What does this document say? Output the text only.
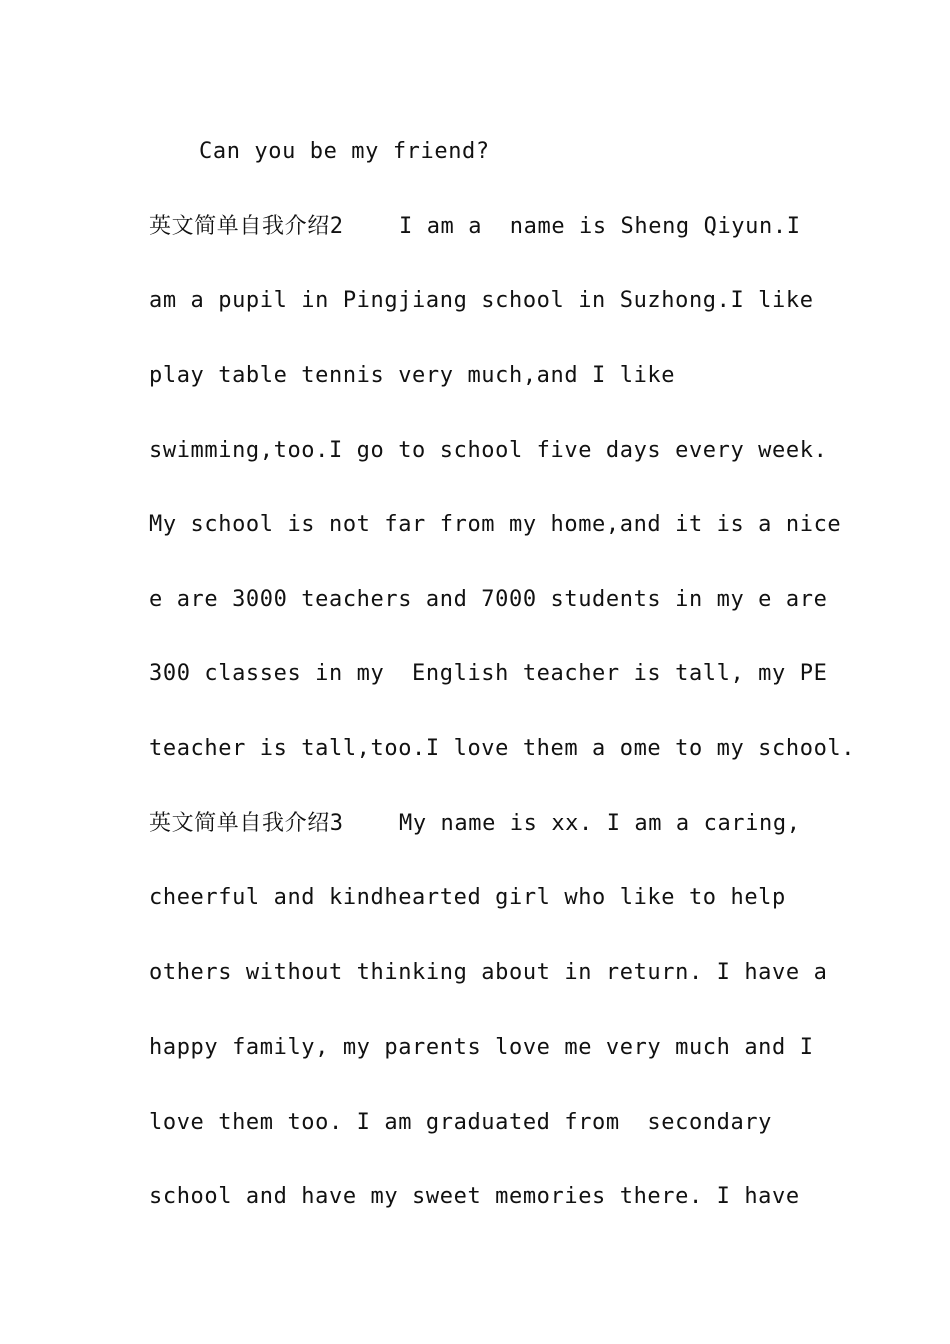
Can you be my friend?
英文简单自我介绍2    I am a  name is Sheng Qiyun.I
am a pupil in Pingjiang school in Suzhong.I like
play table tennis very much,and I like
swimming,too.I go to school five days every week.
My school is not far from my home,and it is a nice
e are 3000 teachers and 7000 students in my e are
300 classes in my  English teacher is tall, my PE
teacher is tall,too.I love them a ome to my school.
英文简单自我介绍3    My name is xx. I am a caring,
cheerful and kindhearted girl who like to help
others without thinking about in return. I have a
happy family, my parents love me very much and I
love them too. I am graduated from  secondary
school and have my sweet memories there. I have
